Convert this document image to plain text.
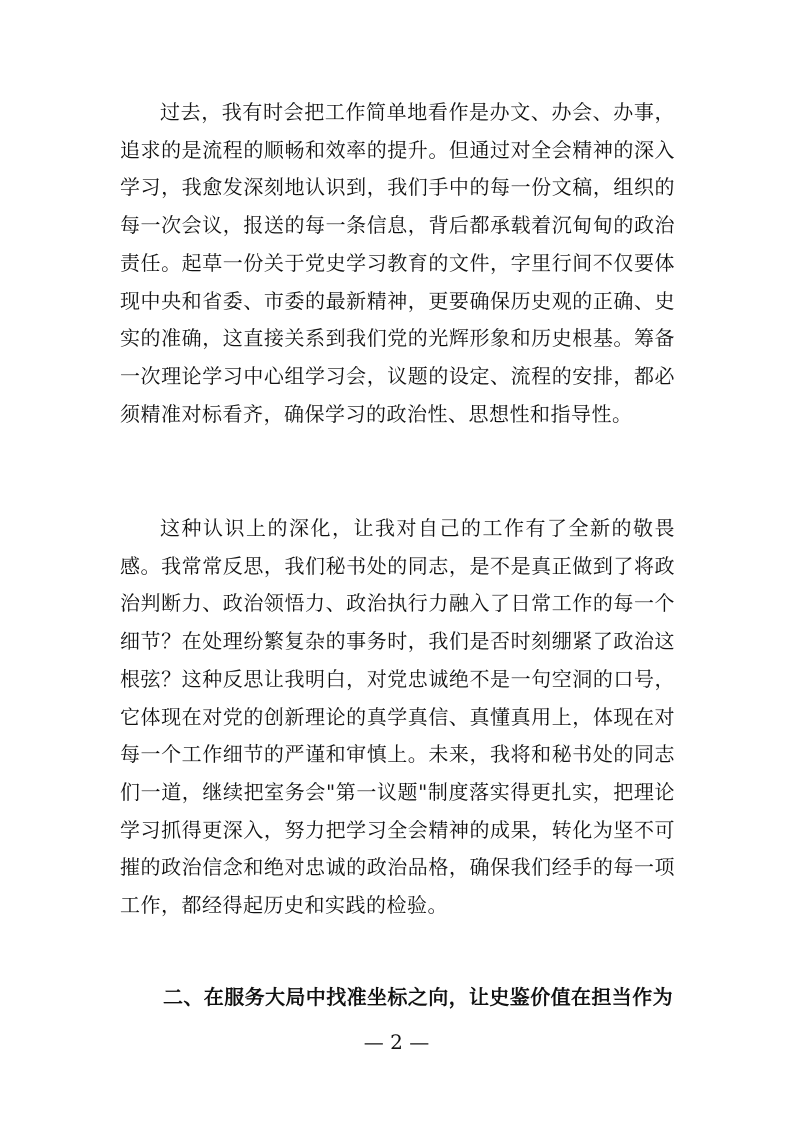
过去，我有时会把工作简单地看作是办文、办会、办事，追求的是流程的顺畅和效率的提升。但通过对全会精神的深入学习，我愈发深刻地认识到，我们手中的每一份文稿，组织的每一次会议，报送的每一条信息，背后都承载着沉甸甸的政治责任。起草一份关于党史学习教育的文件，字里行间不仅要体现中央和省委、市委的最新精神，更要确保历史观的正确、史实的准确，这直接关系到我们党的光辉形象和历史根基。筹备一次理论学习中心组学习会，议题的设定、流程的安排，都必须精准对标看齐，确保学习的政治性、思想性和指导性。

这种认识上的深化，让我对自己的工作有了全新的敬畏感。我常常反思，我们秘书处的同志，是不是真正做到了将政治判断力、政治领悟力、政治执行力融入了日常工作的每一个细节？在处理纷繁复杂的事务时，我们是否时刻绷紧了政治这根弦？这种反思让我明白，对党忠诚绝不是一句空洞的口号，它体现在对党的创新理论的真学真信、真懂真用上，体现在对每一个工作细节的严谨和审慎上。未来，我将和秘书处的同志们一道，继续把室务会"第一议题"制度落实得更扎实，把理论学习抓得更深入，努力把学习全会精神的成果，转化为坚不可摧的政治信念和绝对忠诚的政治品格，确保我们经手的每一项工作，都经得起历史和实践的检验。

二、在服务大局中找准坐标之向，让史鉴价值在担当作为
— 2 —
